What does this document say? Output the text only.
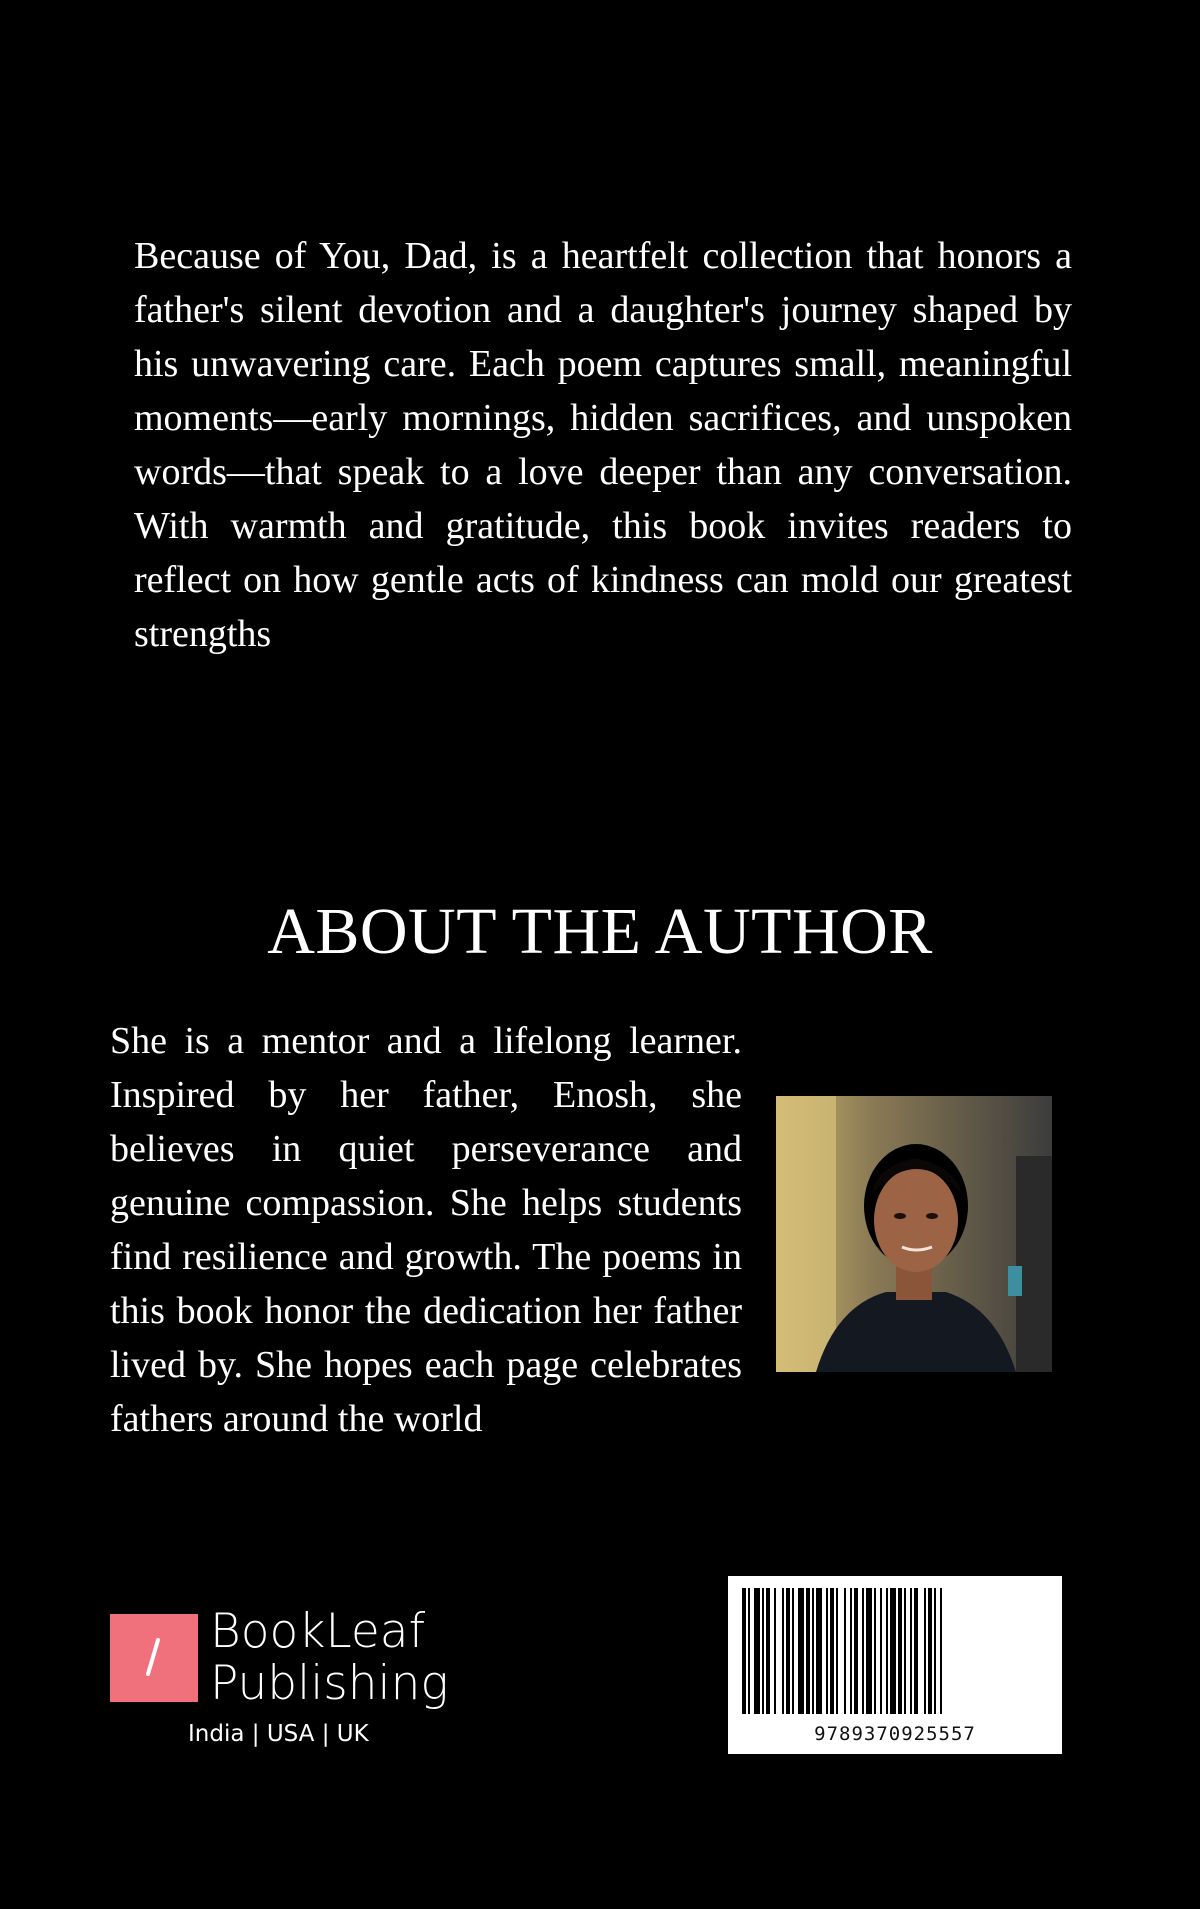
Because of You, Dad, is a heartfelt collection that honors a father's silent devotion and a daughter's journey shaped by his unwavering care. Each poem captures small, meaningful moments—early mornings, hidden sacrifices, and unspoken words—that speak to a love deeper than any conversation. With warmth and gratitude, this book invites readers to reflect on how gentle acts of kindness can mold our greatest strengths

ABOUT THE AUTHOR

She is a mentor and a lifelong learner. Inspired by her father, Enosh, she believes in quiet perseverance and genuine compassion. She helps students find resilience and growth. The poems in this book honor the dedication her father lived by. She hopes each page celebrates fathers around the world

BookLeaf
Publishing
India | USA | UK	9789370925557
